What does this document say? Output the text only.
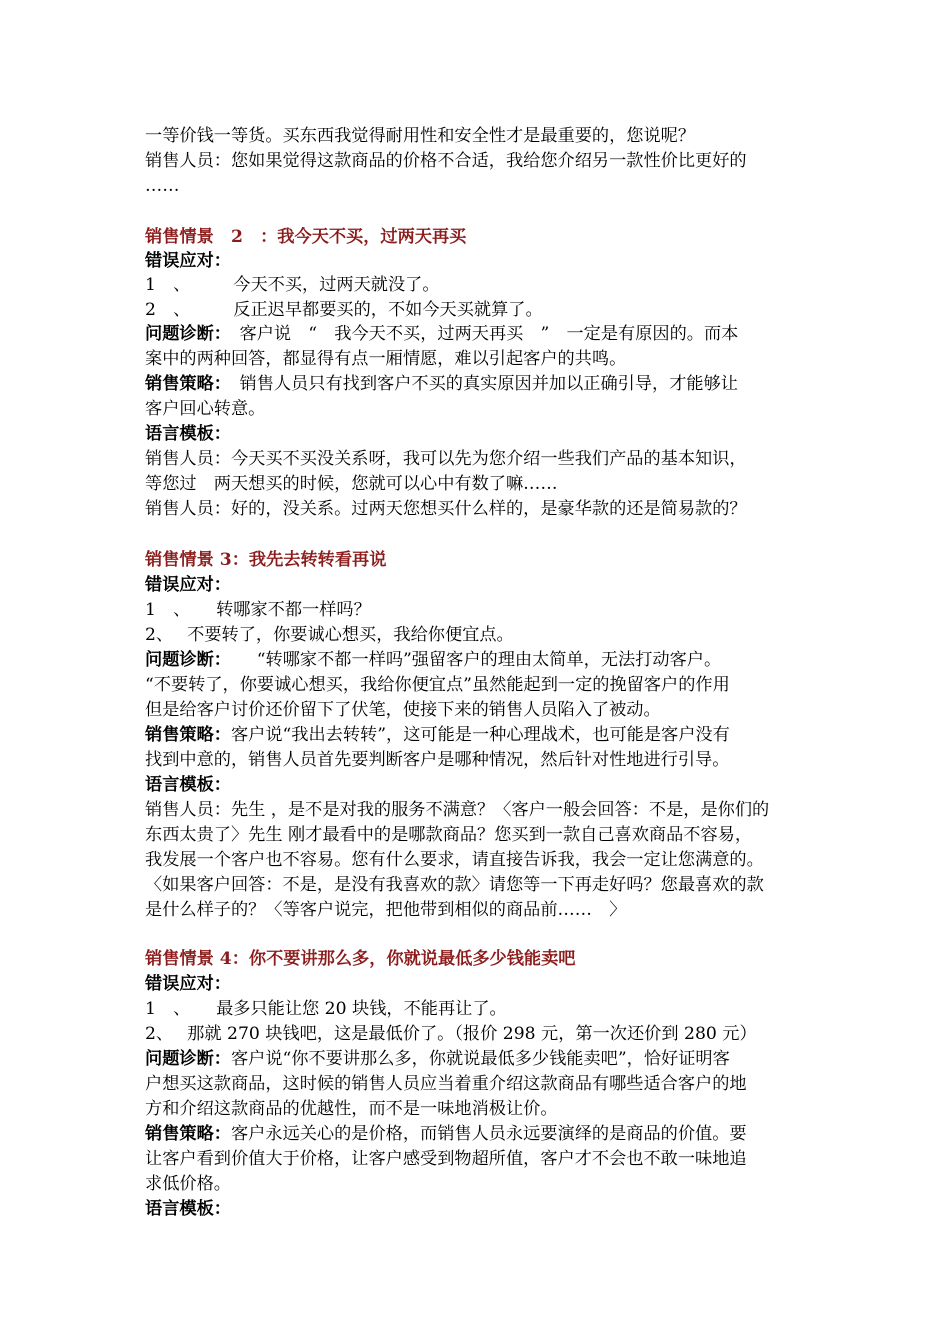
一等价钱一等货。买东西我觉得耐用性和安全性才是最重要的，您说呢？
销售人员：您如果觉得这款商品的价格不合适，我给您介绍另一款性价比更好的
……
销售情景　2　：我今天不买，过两天再买
错误应对：
1　、　　　今天不买，过两天就没了。
2　、　　　反正迟早都要买的，不如今天买就算了。
问题诊断：　客户说　“　我今天不买，过两天再买　”　一定是有原因的。而本
案中的两种回答，都显得有点一厢情愿，难以引起客户的共鸣。
销售策略：　销售人员只有找到客户不买的真实原因并加以正确引导，才能够让
客户回心转意。
语言模板：
销售人员：今天买不买没关系呀，我可以先为您介绍一些我们产品的基本知识，
等您过　两天想买的时候，您就可以心中有数了嘛……
销售人员：好的，没关系。过两天您想买什么样的，是豪华款的还是简易款的？
销售情景 3：我先去转转看再说
错误应对：
1　、　　转哪家不都一样吗？
2、　 不要转了，你要诚心想买，我给你便宜点。
问题诊断：　　“转哪家不都一样吗”强留客户的理由太简单，无法打动客户。
“不要转了，你要诚心想买，我给你便宜点”虽然能起到一定的挽留客户的作用
但是给客户讨价还价留下了伏笔，使接下来的销售人员陷入了被动。
销售策略：客户说“我出去转转”，这可能是一种心理战术，也可能是客户没有
找到中意的，销售人员首先要判断客户是哪种情况，然后针对性地进行引导。
语言模板：
销售人员：先生 ，是不是对我的服务不满意？〈客户一般会回答：不是，是你们的
东西太贵了〉先生 刚才最看中的是哪款商品？您买到一款自己喜欢商品不容易，
我发展一个客户也不容易。您有什么要求，请直接告诉我，我会一定让您满意的。
〈如果客户回答：不是，是没有我喜欢的款〉请您等一下再走好吗？您最喜欢的款
是什么样子的？〈等客户说完，把他带到相似的商品前……　〉
销售情景 4：你不要讲那么多，你就说最低多少钱能卖吧
错误应对：
1　、　　最多只能让您 20 块钱，不能再让了。
2、　 那就 270 块钱吧，这是最低价了。（报价 298 元，第一次还价到 280 元）
问题诊断：客户说“你不要讲那么多，你就说最低多少钱能卖吧”，恰好证明客
户想买这款商品，这时候的销售人员应当着重介绍这款商品有哪些适合客户的地
方和介绍这款商品的优越性，而不是一味地消极让价。
销售策略：客户永远关心的是价格，而销售人员永远要演绎的是商品的价值。要
让客户看到价值大于价格，让客户感受到物超所值，客户才不会也不敢一味地追
求低价格。
语言模板：
